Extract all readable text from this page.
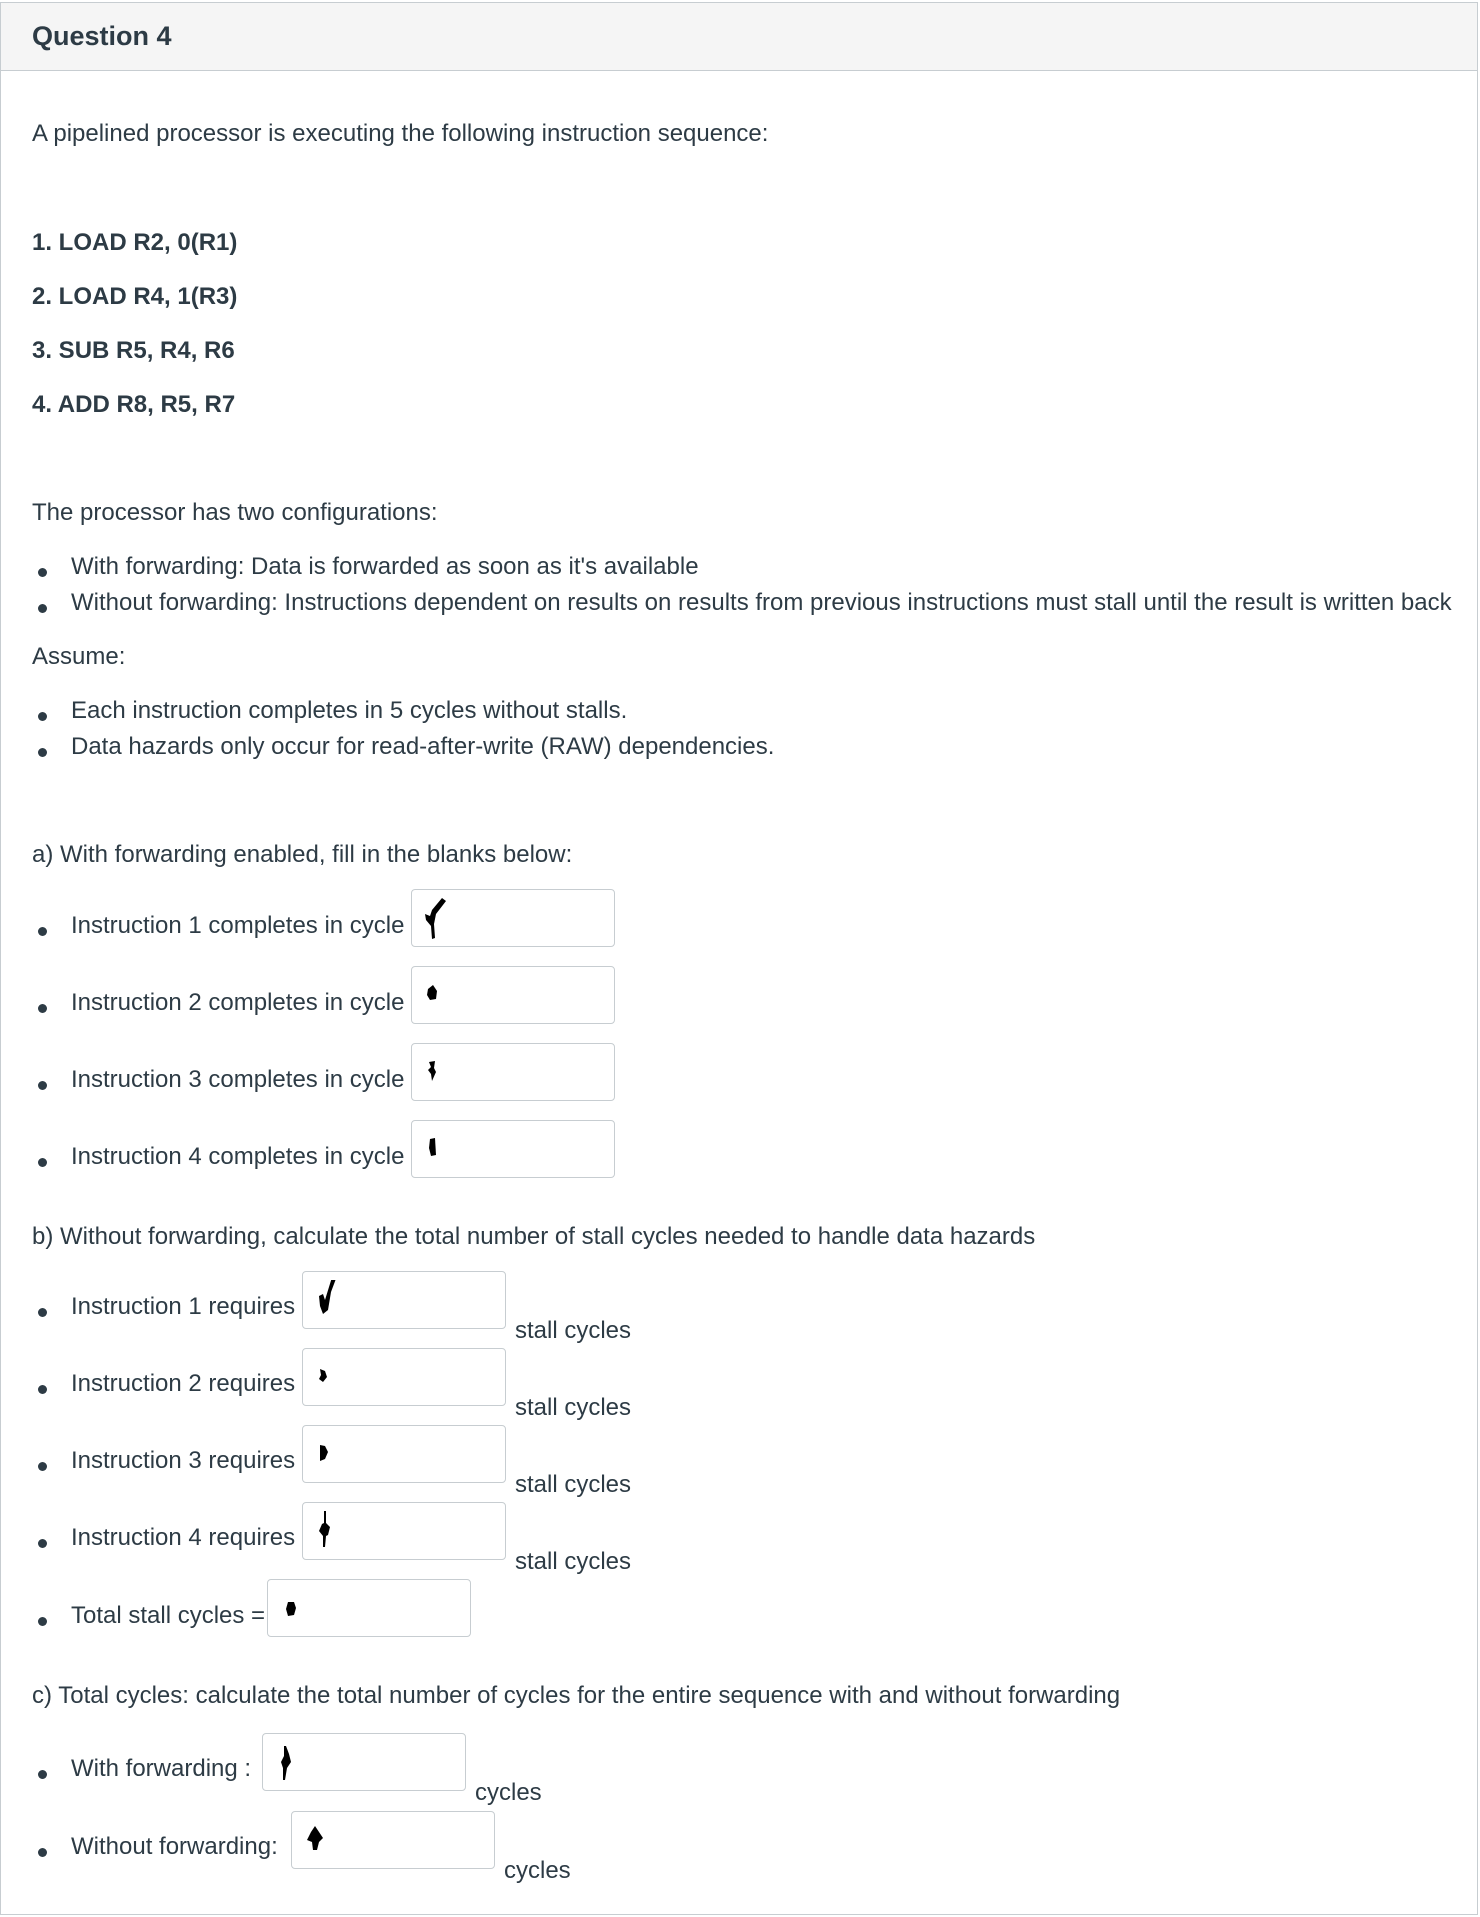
Question 4

A pipelined processor is executing the following instruction sequence:

1. LOAD R2, 0(R1)

2. LOAD R4, 1(R3)

3. SUB R5, R4, R6

4. ADD R8, R5, R7

The processor has two configurations:

With forwarding: Data is forwarded as soon as it's available

Without forwarding: Instructions dependent on results on results from previous instructions must stall until the result is written back

Assume:

Each instruction completes in 5 cycles without stalls.

Data hazards only occur for read-after-write (RAW) dependencies.

a) With forwarding enabled, fill in the blanks below:

Instruction 1 completes in cycle

Instruction 2 completes in cycle

Instruction 3 completes in cycle

Instruction 4 completes in cycle

b) Without forwarding, calculate the total number of stall cycles needed to handle data hazards

Instruction 1 requires

stall cycles

Instruction 2 requires

stall cycles

Instruction 3 requires

stall cycles

Instruction 4 requires

stall cycles

Total stall cycles =

c) Total cycles: calculate the total number of cycles for the entire sequence with and without forwarding

With forwarding :

cycles

Without forwarding:

cycles
